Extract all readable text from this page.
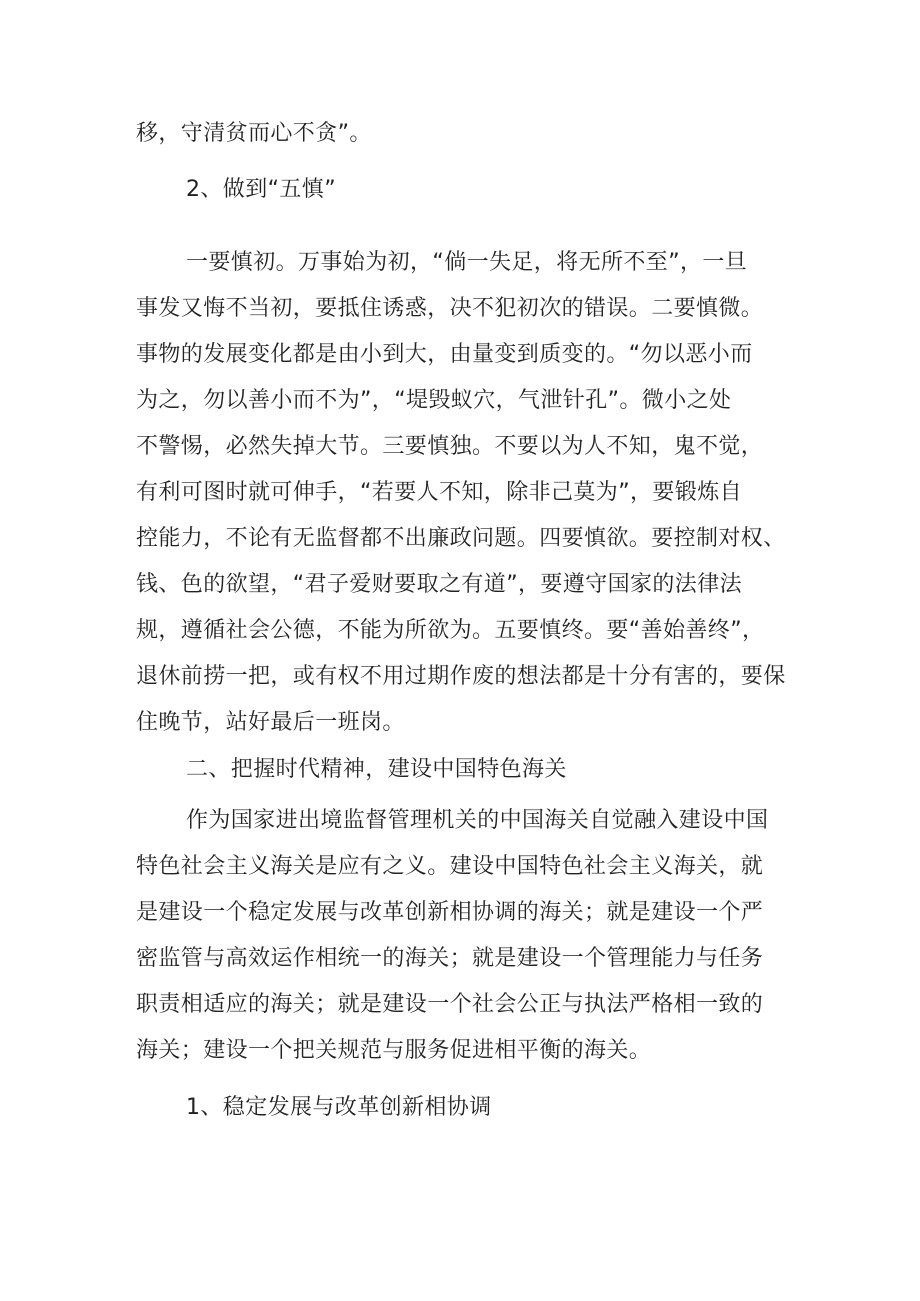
移，守清贫而心不贪”。
2、做到“五慎”
一要慎初。万事始为初，“倘一失足，将无所不至”，一旦
事发又悔不当初，要抵住诱惑，决不犯初次的错误。二要慎微。
事物的发展变化都是由小到大，由量变到质变的。“勿以恶小而
为之，勿以善小而不为”，“堤毁蚁穴，气泄针孔”。微小之处
不警惕，必然失掉大节。三要慎独。不要以为人不知，鬼不觉，
有利可图时就可伸手，“若要人不知，除非己莫为”，要锻炼自
控能力，不论有无监督都不出廉政问题。四要慎欲。要控制对权、
钱、色的欲望，“君子爱财要取之有道”，要遵守国家的法律法
规，遵循社会公德，不能为所欲为。五要慎终。要“善始善终”，
退休前捞一把，或有权不用过期作废的想法都是十分有害的，要保
住晚节，站好最后一班岗。
二、把握时代精神，建设中国特色海关
作为国家进出境监督管理机关的中国海关自觉融入建设中国
特色社会主义海关是应有之义。建设中国特色社会主义海关，就
是建设一个稳定发展与改革创新相协调的海关；就是建设一个严
密监管与高效运作相统一的海关；就是建设一个管理能力与任务
职责相适应的海关；就是建设一个社会公正与执法严格相一致的
海关；建设一个把关规范与服务促进相平衡的海关。
1、稳定发展与改革创新相协调
